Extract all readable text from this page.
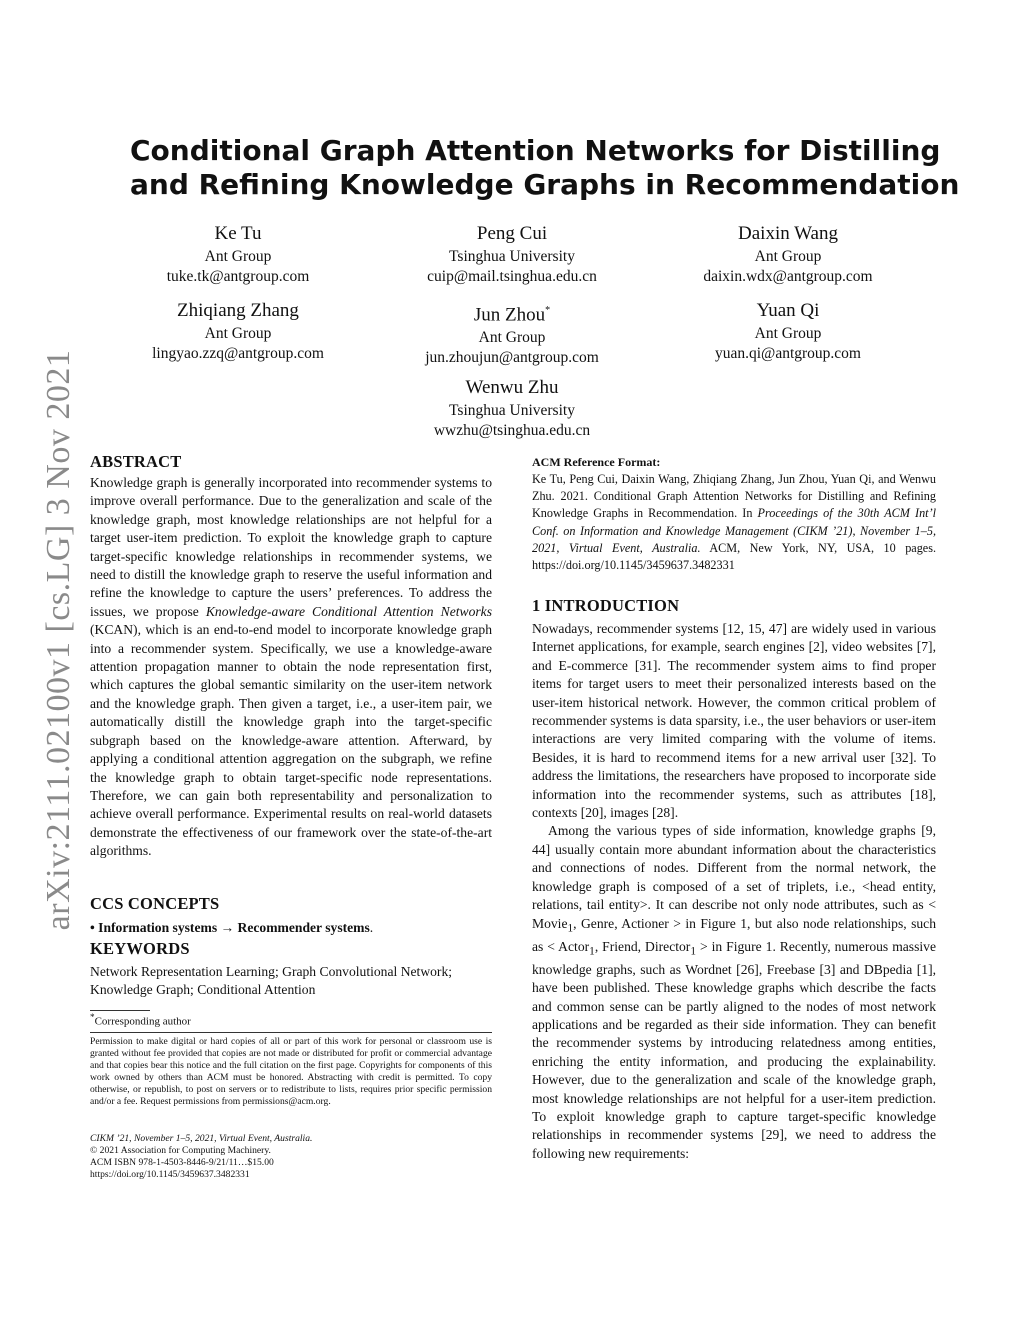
arXiv:2111.02100v1 [cs.LG] 3 Nov 2021
Conditional Graph Attention Networks for Distilling
and Refining Knowledge Graphs in Recommendation
Ke Tu
Ant Group
tuke.tk@antgroup.com
Peng Cui
Tsinghua University
cuip@mail.tsinghua.edu.cn
Daixin Wang
Ant Group
daixin.wdx@antgroup.com
Zhiqiang Zhang
Ant Group
lingyao.zzq@antgroup.com
Jun Zhou*
Ant Group
jun.zhoujun@antgroup.com
Yuan Qi
Ant Group
yuan.qi@antgroup.com
Wenwu Zhu
Tsinghua University
wwzhu@tsinghua.edu.cn
ABSTRACT
Knowledge graph is generally incorporated into recommender systems to improve overall performance. Due to the generalization and scale of the knowledge graph, most knowledge relationships are not helpful for a target user-item prediction. To exploit the knowledge graph to capture target-specific knowledge relationships in recommender systems, we need to distill the knowledge graph to reserve the useful information and refine the knowledge to capture the users’ preferences. To address the issues, we propose Knowledge-aware Conditional Attention Networks (KCAN), which is an end-to-end model to incorporate knowledge graph into a recommender system. Specifically, we use a knowledge-aware attention propagation manner to obtain the node representation first, which captures the global semantic similarity on the user-item network and the knowledge graph. Then given a target, i.e., a user-item pair, we automatically distill the knowledge graph into the target-specific subgraph based on the knowledge-aware attention. Afterward, by applying a conditional attention aggregation on the subgraph, we refine the knowledge graph to obtain target-specific node representations. Therefore, we can gain both representability and personalization to achieve overall performance. Experimental results on real-world datasets demonstrate the effectiveness of our framework over the state-of-the-art algorithms.
CCS CONCEPTS
• Information systems → Recommender systems.
KEYWORDS
Network Representation Learning; Graph Convolutional Network; Knowledge Graph; Conditional Attention
*Corresponding author
Permission to make digital or hard copies of all or part of this work for personal or classroom use is granted without fee provided that copies are not made or distributed for profit or commercial advantage and that copies bear this notice and the full citation on the first page. Copyrights for components of this work owned by others than ACM must be honored. Abstracting with credit is permitted. To copy otherwise, or republish, to post on servers or to redistribute to lists, requires prior specific permission and/or a fee. Request permissions from permissions@acm.org.
CIKM ’21, November 1–5, 2021, Virtual Event, Australia.
© 2021 Association for Computing Machinery.
ACM ISBN 978-1-4503-8446-9/21/11…$15.00
https://doi.org/10.1145/3459637.3482331
ACM Reference Format:
Ke Tu, Peng Cui, Daixin Wang, Zhiqiang Zhang, Jun Zhou, Yuan Qi, and Wenwu Zhu. 2021. Conditional Graph Attention Networks for Distilling and Refining Knowledge Graphs in Recommendation. In Proceedings of the 30th ACM Int’l Conf. on Information and Knowledge Management (CIKM ’21), November 1–5, 2021, Virtual Event, Australia. ACM, New York, NY, USA, 10 pages. https://doi.org/10.1145/3459637.3482331
1 INTRODUCTION
Nowadays, recommender systems [12, 15, 47] are widely used in various Internet applications, for example, search engines [2], video websites [7], and E-commerce [31]. The recommender system aims to find proper items for target users to meet their personalized interests based on the user-item historical network. However, the common critical problem of recommender systems is data sparsity, i.e., the user behaviors or user-item interactions are very limited comparing with the volume of items. Besides, it is hard to recommend items for a new arrival user [32]. To address the limitations, the researchers have proposed to incorporate side information into the recommender systems, such as attributes [18], contexts [20], images [28].
Among the various types of side information, knowledge graphs [9, 44] usually contain more abundant information about the characteristics and connections of nodes. Different from the normal network, the knowledge graph is composed of a set of triplets, i.e., <head entity, relations, tail entity>. It can describe not only node attributes, such as < Movie$_1$, Genre, Actioner > in Figure 1, but also node relationships, such as < Actor$_1$, Friend, Director$_1$ > in Figure 1. Recently, numerous massive knowledge graphs, such as Wordnet [26], Freebase [3] and DBpedia [1], have been published. These knowledge graphs which describe the facts and common sense can be partly aligned to the nodes of most network applications and be regarded as their side information. They can benefit the recommender systems by introducing relatedness among entities, enriching the entity information, and producing the explainability. However, due to the generalization and scale of the knowledge graph, most knowledge relationships are not helpful for a user-item prediction. To exploit knowledge graph to capture target-specific knowledge relationships in recommender systems [29], we need to address the following new requirements:
